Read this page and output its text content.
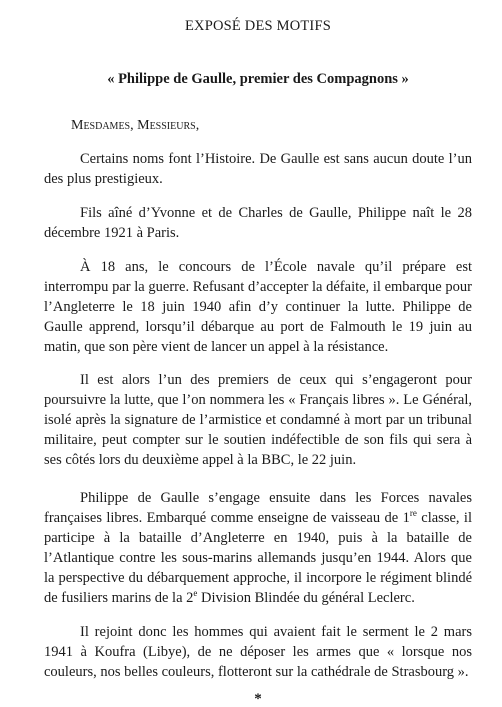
EXPOSÉ DES MOTIFS

« Philippe de Gaulle, premier des Compagnons »

Mesdames, Messieurs,

Certains noms font l’Histoire. De Gaulle est sans aucun doute l’un des plus prestigieux.

Fils aîné d’Yvonne et de Charles de Gaulle, Philippe naît le 28 décembre 1921 à Paris.

À 18 ans, le concours de l’École navale qu’il prépare est interrompu par la guerre. Refusant d’accepter la défaite, il embarque pour l’Angleterre le 18 juin 1940 afin d’y continuer la lutte. Philippe de Gaulle apprend, lorsqu’il débarque au port de Falmouth le 19 juin au matin, que son père vient de lancer un appel à la résistance.

Il est alors l’un des premiers de ceux qui s’engageront pour poursuivre la lutte, que l’on nommera les « Français libres ». Le Général, isolé après la signature de l’armistice et condamné à mort par un tribunal militaire, peut compter sur le soutien indéfectible de son fils qui sera à ses côtés lors du deuxième appel à la BBC, le 22 juin.

Philippe de Gaulle s’engage ensuite dans les Forces navales françaises libres. Embarqué comme enseigne de vaisseau de 1re classe, il participe à la bataille d’Angleterre en 1940, puis à la bataille de l’Atlantique contre les sous-marins allemands jusqu’en 1944. Alors que la perspective du débarquement approche, il incorpore le régiment blindé de fusiliers marins de la 2e Division Blindée du général Leclerc.

Il rejoint donc les hommes qui avaient fait le serment le 2 mars 1941 à Koufra (Libye), de ne déposer les armes que « lorsque nos couleurs, nos belles couleurs, flotteront sur la cathédrale de Strasbourg ».

*
